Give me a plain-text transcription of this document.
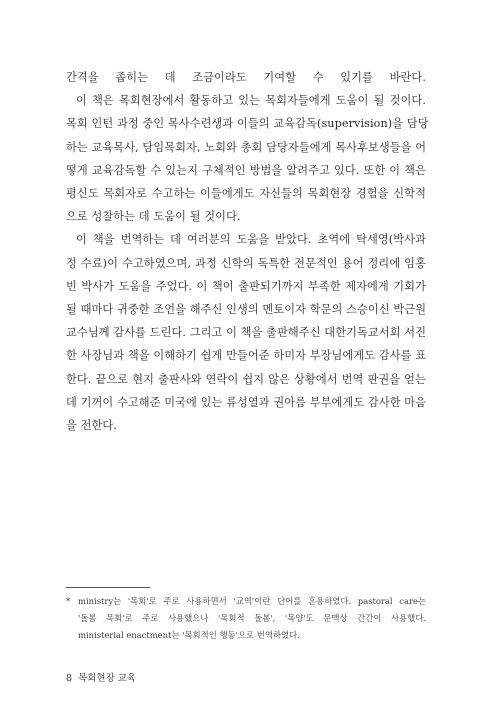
간격을 좁히는 데 조금이라도 기여할 수 있기를 바란다.
이 책은 목회현장에서 활동하고 있는 목회자들에게 도움이 될 것이다.
목회 인턴 과정 중인 목사수련생과 이들의 교육감독(supervision)을 담당
하는 교육목사, 담임목회자, 노회와 총회 담당자들에게 목사후보생들을 어
떻게 교육감독할 수 있는지 구체적인 방법을 알려주고 있다. 또한 이 책은
평신도 목회자로 수고하는 이들에게도 자신들의 목회현장 경험을 신학적
으로 성찰하는 데 도움이 될 것이다.
이 책을 번역하는 데 여러분의 도움을 받았다. 초역에 탁세영(박사과
정 수료)이 수고하였으며, 과정 신학의 독특한 전문적인 용어 정리에 임홍
빈 박사가 도움을 주었다. 이 책이 출판되기까지 부족한 제자에게 기회가
될 때마다 귀중한 조언을 해주신 인생의 멘토이자 학문의 스승이신 박근원
교수님께 감사를 드린다. 그리고 이 책을 출판해주신 대한기독교서회 서진
한 사장님과 책을 이해하기 쉽게 만들어준 하미자 부장님에게도 감사를 표
한다. 끝으로 현지 출판사와 연락이 쉽지 않은 상황에서 번역 판권을 얻는
데 기꺼이 수고해준 미국에 있는 류성열과 권아름 부부에게도 감사한 마음
을 전한다.
* ministry는 '목회'로 주로 사용하면서 '교역'이란 단어를 혼용하였다. pastoral care는
'돌봄 목회'로 주로 사용했으나 '목회적 돌봄', '목양'도 문맥상 간간이 사용했다.
ministerial enactment는 '목회적인 행동'으로 번역하였다.
8 목회현장 교육
